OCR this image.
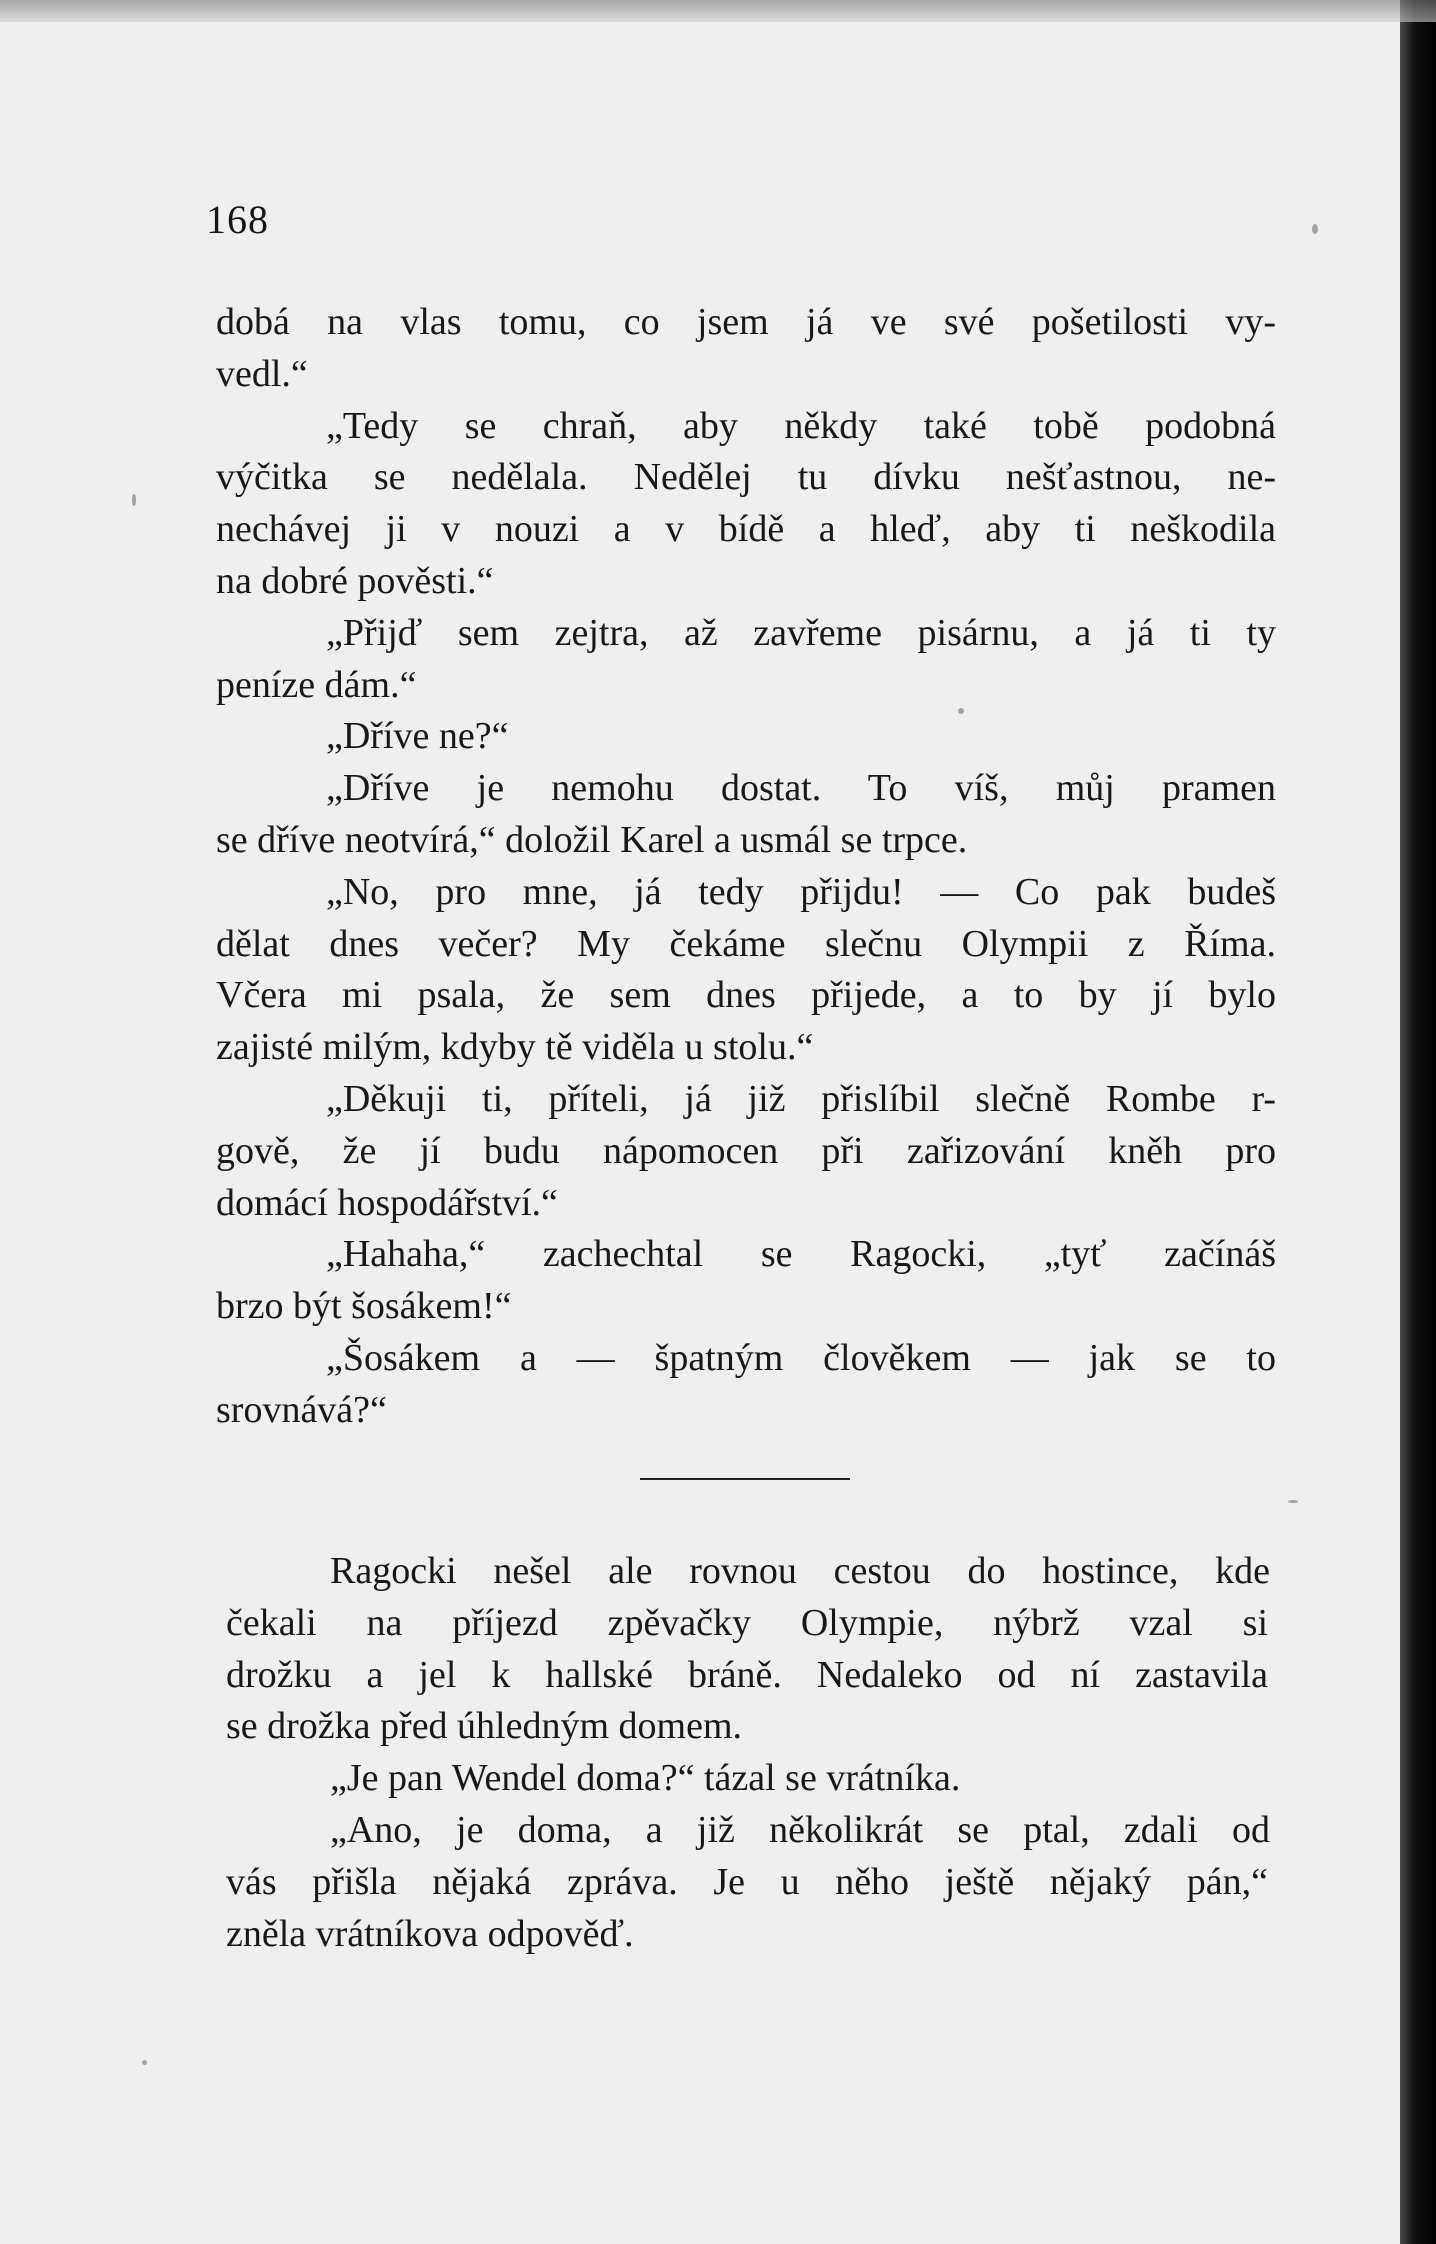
168
dobá na vlas tomu, co jsem já ve své pošetilosti vy-
vedl.“
„Tedy se chraň, aby někdy také tobě podobná
výčitka se nedělala. Nedělej tu dívku nešťastnou, ne-
nechávej ji v nouzi a v bídě a hleď, aby ti neškodila
na dobré pověsti.“
„Přijď sem zejtra, až zavřeme pisárnu, a já ti ty
peníze dám.“
„Dříve ne?“
„Dříve je nemohu dostat. To víš, můj pramen
se dříve neotvírá,“ doložil Karel a usmál se trpce.
„No, pro mne, já tedy přijdu! — Co pak budeš
dělat dnes večer? My čekáme slečnu Olympii z Říma.
Včera mi psala, že sem dnes přijede, a to by jí bylo
zajisté milým, kdyby tě viděla u stolu.“
„Děkuji ti, příteli, já již přislíbil slečně Rombe r-
gově, že jí budu nápomocen při zařizování kněh pro
domácí hospodářství.“
„Hahaha,“ zachechtal se Ragocki, „tyť začínáš
brzo být šosákem!“
„Šosákem a — špatným člověkem — jak se to
srovnává?“
Ragocki nešel ale rovnou cestou do hostince, kde
čekali na příjezd zpěvačky Olympie, nýbrž vzal si
drožku a jel k hallské bráně. Nedaleko od ní zastavila
se drožka před úhledným domem.
„Je pan Wendel doma?“ tázal se vrátníka.
„Ano, je doma, a již několikrát se ptal, zdali od
vás přišla nějaká zpráva. Je u něho ještě nějaký pán,“
zněla vrátníkova odpověď.
